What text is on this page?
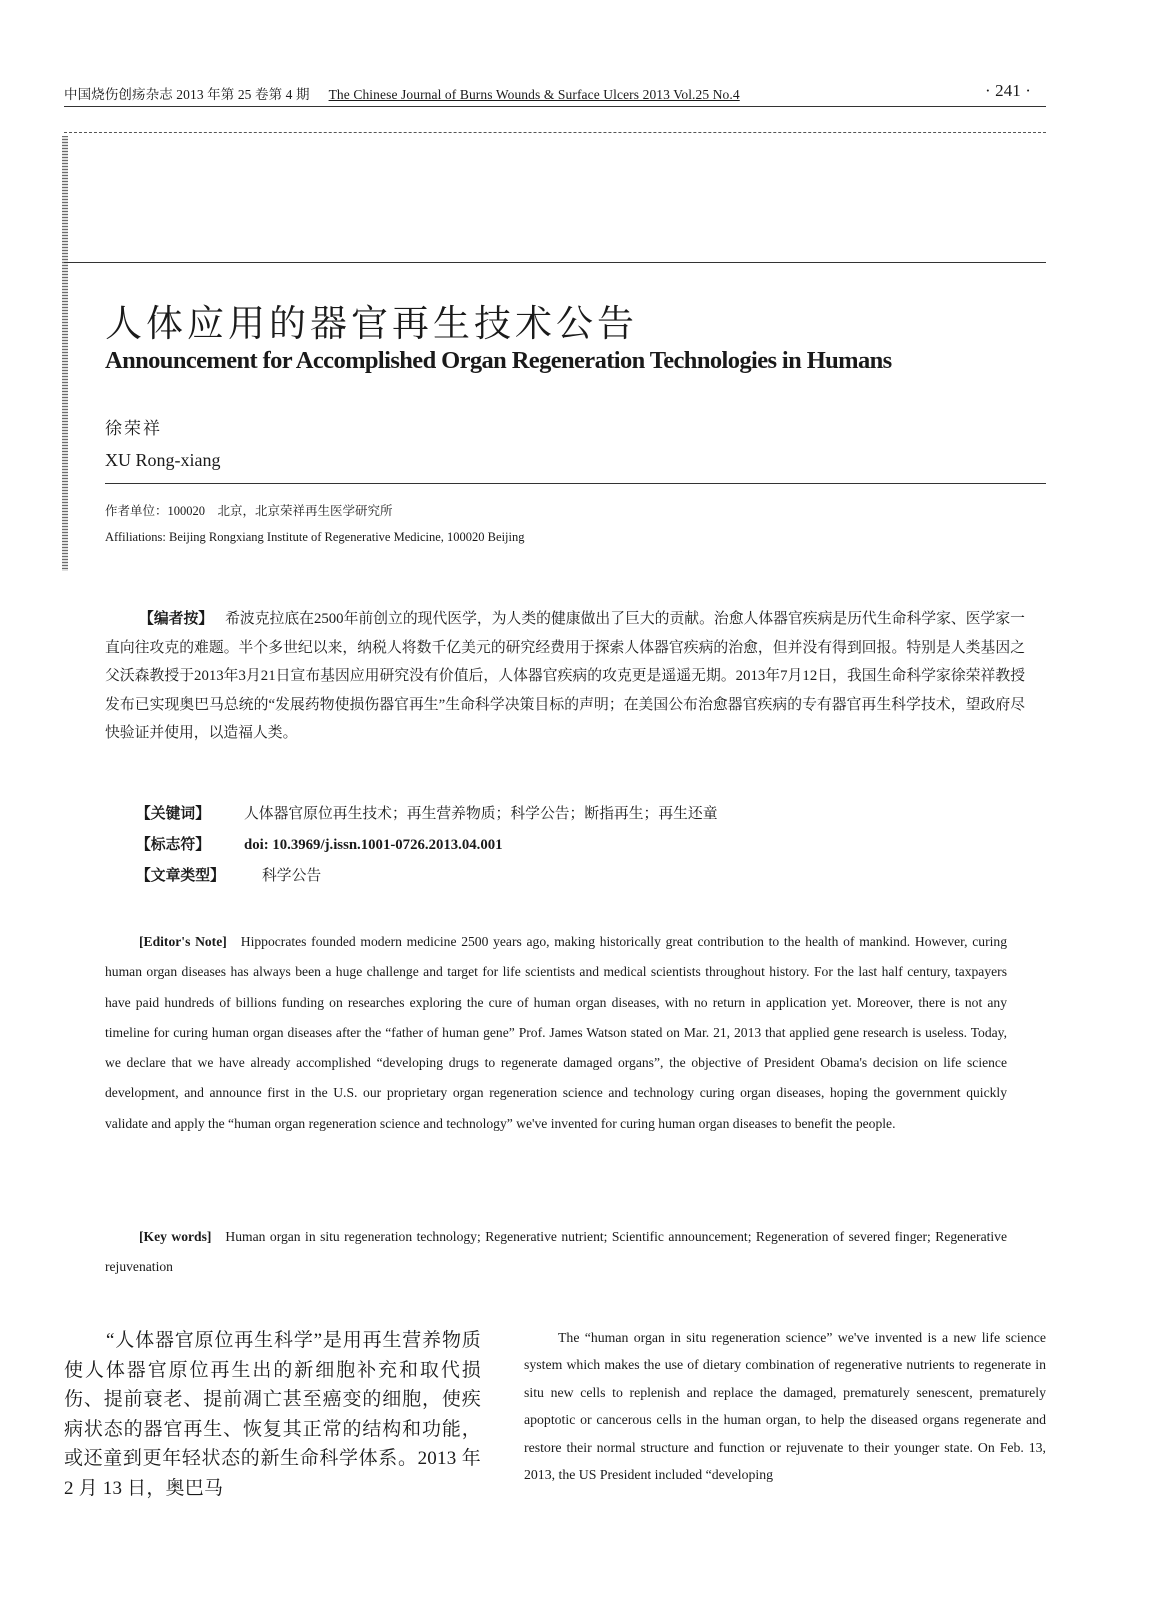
中国烧伤创疡杂志 2013 年第 25 卷第 4 期 The Chinese Journal of Burns Wounds & Surface Ulcers 2013 Vol.25 No.4	· 241 ·
人体应用的器官再生技术公告
Announcement for Accomplished Organ Regeneration Technologies in Humans
徐荣祥
XU Rong-xiang
作者单位：100020　北京，北京荣祥再生医学研究所
Affiliations: Beijing Rongxiang Institute of Regenerative Medicine, 100020 Beijing
【编者按】 希波克拉底在2500年前创立的现代医学，为人类的健康做出了巨大的贡献。治愈人体器官疾病是历代生命科学家、医学家一直向往攻克的难题。半个多世纪以来，纳税人将数千亿美元的研究经费用于探索人体器官疾病的治愈，但并没有得到回报。特别是人类基因之父沃森教授于2013年3月21日宣布基因应用研究没有价值后，人体器官疾病的攻克更是遥遥无期。2013年7月12日，我国生命科学家徐荣祥教授发布已实现奥巴马总统的“发展药物使损伤器官再生”生命科学决策目标的声明；在美国公布治愈器官疾病的专有器官再生科学技术，望政府尽快验证并使用，以造福人类。
【关键词】 人体器官原位再生技术；再生营养物质；科学公告；断指再生；再生还童
【标志符】 doi: 10.3969/j.issn.1001-0726.2013.04.001
【文章类型】	科学公告
[Editor's Note] Hippocrates founded modern medicine 2500 years ago, making historically great contribution to the health of mankind. However, curing human organ diseases has always been a huge challenge and target for life scientists and medical scientists throughout history. For the last half century, taxpayers have paid hundreds of billions funding on researches exploring the cure of human organ diseases, with no return in application yet. Moreover, there is not any timeline for curing human organ diseases after the “father of human gene” Prof. James Watson stated on Mar. 21, 2013 that applied gene research is useless. Today, we declare that we have already accomplished “developing drugs to regenerate damaged organs”, the objective of President Obama's decision on life science development, and announce first in the U.S. our proprietary organ regeneration science and technology curing organ diseases, hoping the government quickly validate and apply the “human organ regeneration science and technology” we've invented for curing human organ diseases to benefit the people.
[Key words] Human organ in situ regeneration technology; Regenerative nutrient; Scientific announcement; Regeneration of severed finger; Regenerative rejuvenation
“人体器官原位再生科学”是用再生营养物质使人体器官原位再生出的新细胞补充和取代损伤、提前衰老、提前凋亡甚至癌变的细胞，使疾病状态的器官再生、恢复其正常的结构和功能，或还童到更年轻状态的新生命科学体系。2013 年 2 月 13 日，奥巴马
The “human organ in situ regeneration science” we've invented is a new life science system which makes the use of dietary combination of regenerative nutrients to regenerate in situ new cells to replenish and replace the damaged, prematurely senescent, prematurely apoptotic or cancerous cells in the human organ, to help the diseased organs regenerate and restore their normal structure and function or rejuvenate to their younger state. On Feb. 13, 2013, the US President included “developing
